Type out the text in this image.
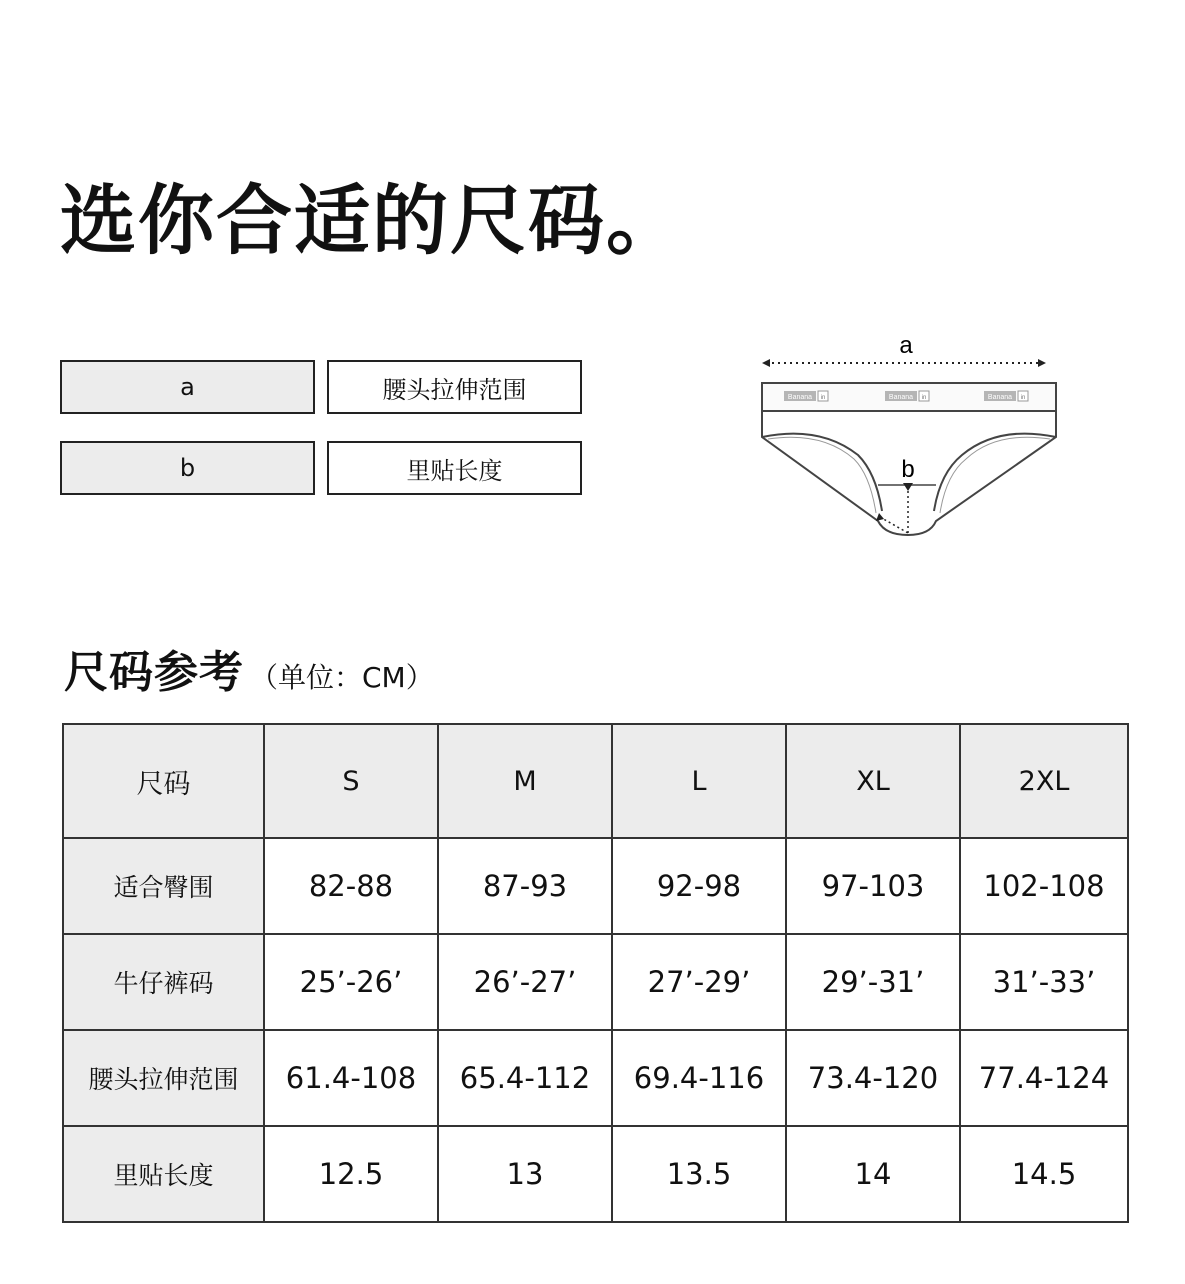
选你合适的尺码。
a	腰头拉伸范围
b	里贴长度
a
Banana in	Banana in	Banana in
b
尺码参考 （单位：CM）
尺码	S	M	L	XL	2XL
适合臀围	82-88	87-93	92-98	97-103	102-108
牛仔裤码	25’-26’	26’-27’	27’-29’	29’-31’	31’-33’
腰头拉伸范围	61.4-108	65.4-112	69.4-116	73.4-120	77.4-124
里贴长度	12.5	13	13.5	14	14.5
